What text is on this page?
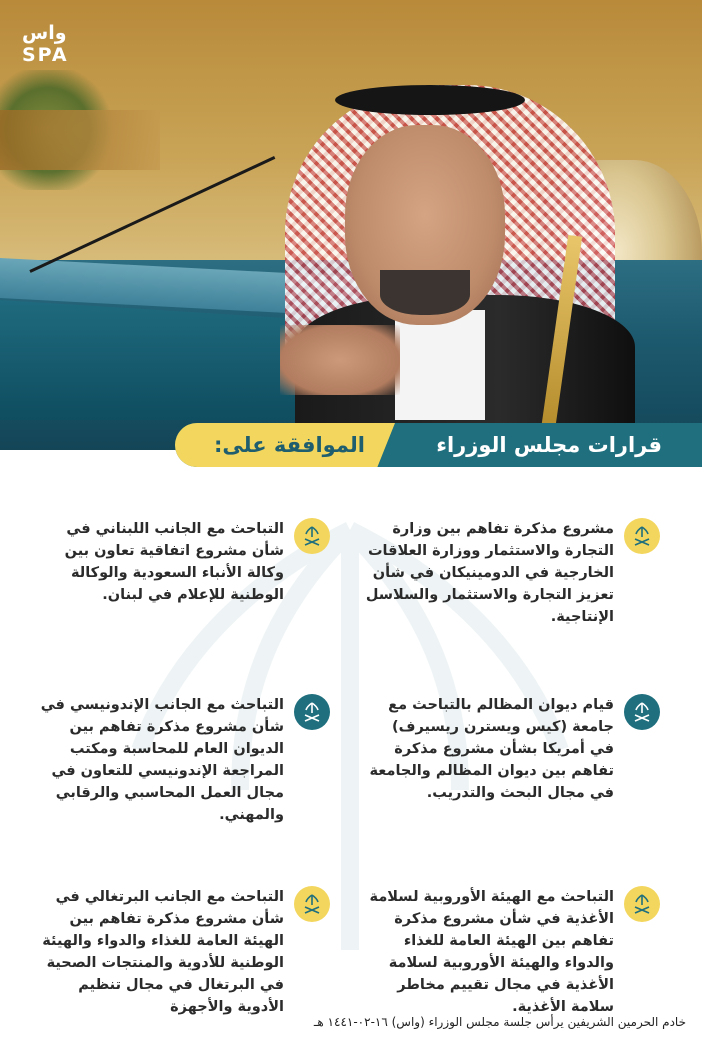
واس
SPA
الموافقة على:	قرارات مجلس الوزراء
مشروع مذكرة تفاهم بين وزارة التجارة والاستثمار ووزارة العلاقات الخارجية في الدومينيكان في شأن تعزيز التجارة والاستثمار والسلاسل الإنتاجية.
قيام ديوان المظالم بالتباحث مع جامعة (كيس ويسترن ريسيرف) في أمريكا بشأن مشروع مذكرة تفاهم بين ديوان المظالم والجامعة في مجال البحث والتدريب.
التباحث مع الهيئة الأوروبية لسلامة الأغذية في شأن مشروع مذكرة تفاهم بين الهيئة العامة للغذاء والدواء والهيئة الأوروبية لسلامة الأغذية في مجال تقييم مخاطر سلامة الأغذية.
التباحث مع الجانب اللبناني في شأن مشروع اتفاقية تعاون بين وكالة الأنباء السعودية والوكالة الوطنية للإعلام في لبنان.
التباحث مع الجانب الإندونيسي في شأن مشروع مذكرة تفاهم بين الديوان العام للمحاسبة ومكتب المراجعة الإندونيسي للتعاون في مجال العمل المحاسبي والرقابي والمهني.
التباحث مع الجانب البرتغالي في شأن مشروع مذكرة تفاهم بين الهيئة العامة للغذاء والدواء والهيئة الوطنية للأدوية والمنتجات الصحية في البرتغال في مجال تنظيم الأدوية والأجهزة
خادم الحرمين الشريفين يرأس جلسة مجلس الوزراء (واس) ١٦-٠٢-١٤٤١ هـ
